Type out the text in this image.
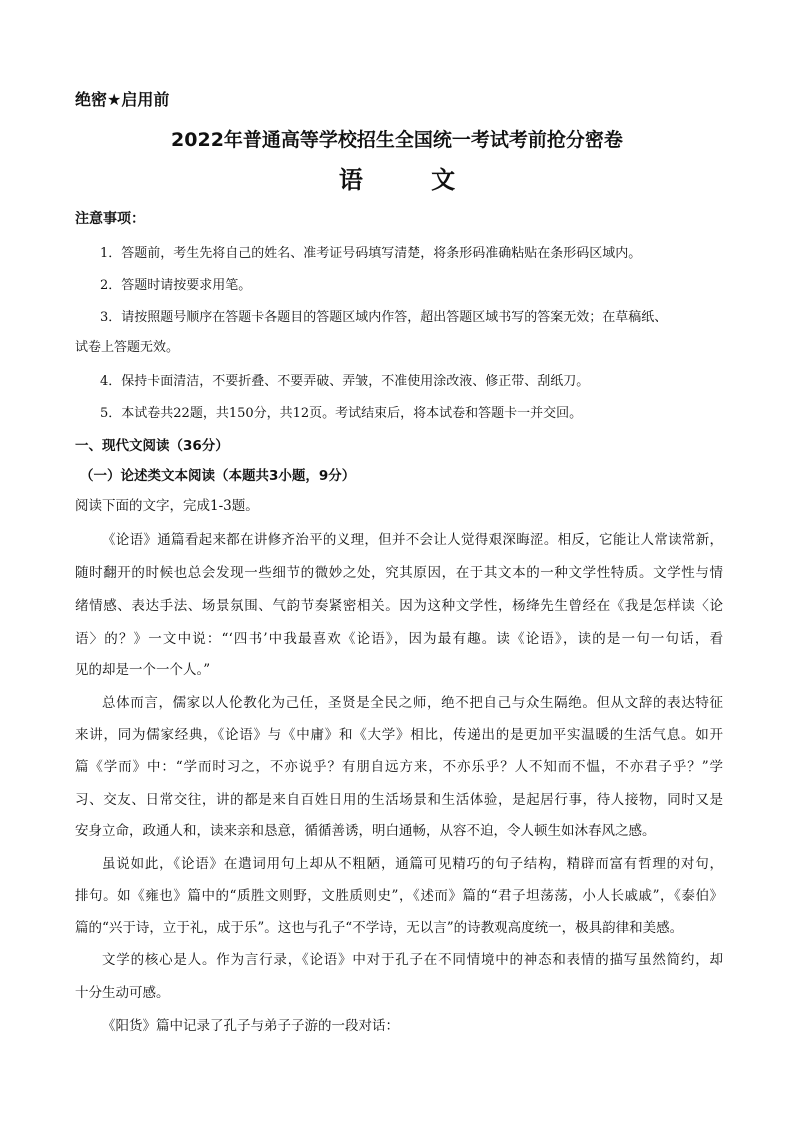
绝密★启用前
2022年普通高等学校招生全国统一考试考前抢分密卷
语 文
注意事项：
1．答题前，考生先将自己的姓名、准考证号码填写清楚，将条形码准确粘贴在条形码区域内。
2．答题时请按要求用笔。
3．请按照题号顺序在答题卡各题目的答题区域内作答，超出答题区域书写的答案无效；在草稿纸、
试卷上答题无效。
4．保持卡面清洁，不要折叠、不要弄破、弄皱，不准使用涂改液、修正带、刮纸刀。
5．本试卷共22题，共150分，共12页。考试结束后，将本试卷和答题卡一并交回。
一、现代文阅读（36分）
（一）论述类文本阅读（本题共3小题，9分）
阅读下面的文字，完成1-3题。
《论语》通篇看起来都在讲修齐治平的义理，但并不会让人觉得艰深晦涩。相反，它能让人常读常新，
随时翻开的时候也总会发现一些细节的微妙之处，究其原因，在于其文本的一种文学性特质。文学性与情
绪情感、表达手法、场景氛围、气韵节奏紧密相关。因为这种文学性，杨绛先生曾经在《我是怎样读〈论
语〉的？》一文中说：“‘四书’中我最喜欢《论语》，因为最有趣。读《论语》，读的是一句一句话，看
见的却是一个一个人。”
总体而言，儒家以人伦教化为己任，圣贤是全民之师，绝不把自己与众生隔绝。但从文辞的表达特征
来讲，同为儒家经典，《论语》与《中庸》和《大学》相比，传递出的是更加平实温暖的生活气息。如开
篇《学而》中：“学而时习之，不亦说乎？有朋自远方来，不亦乐乎？人不知而不愠，不亦君子乎？”学
习、交友、日常交往，讲的都是来自百姓日用的生活场景和生活体验，是起居行事，待人接物，同时又是
安身立命，政通人和，读来亲和恳意，循循善诱，明白通畅，从容不迫，令人顿生如沐春风之感。
虽说如此，《论语》在遣词用句上却从不粗陋，通篇可见精巧的句子结构，精辟而富有哲理的对句，
排句。如《雍也》篇中的“质胜文则野，文胜质则史”，《述而》篇的“君子坦荡荡，小人长戚戚”，《泰伯》
篇的“兴于诗，立于礼，成于乐”。这也与孔子“不学诗，无以言”的诗教观高度统一，极具韵律和美感。
文学的核心是人。作为言行录，《论语》中对于孔子在不同情境中的神态和表情的描写虽然简约，却
十分生动可感。
《阳货》篇中记录了孔子与弟子子游的一段对话：
